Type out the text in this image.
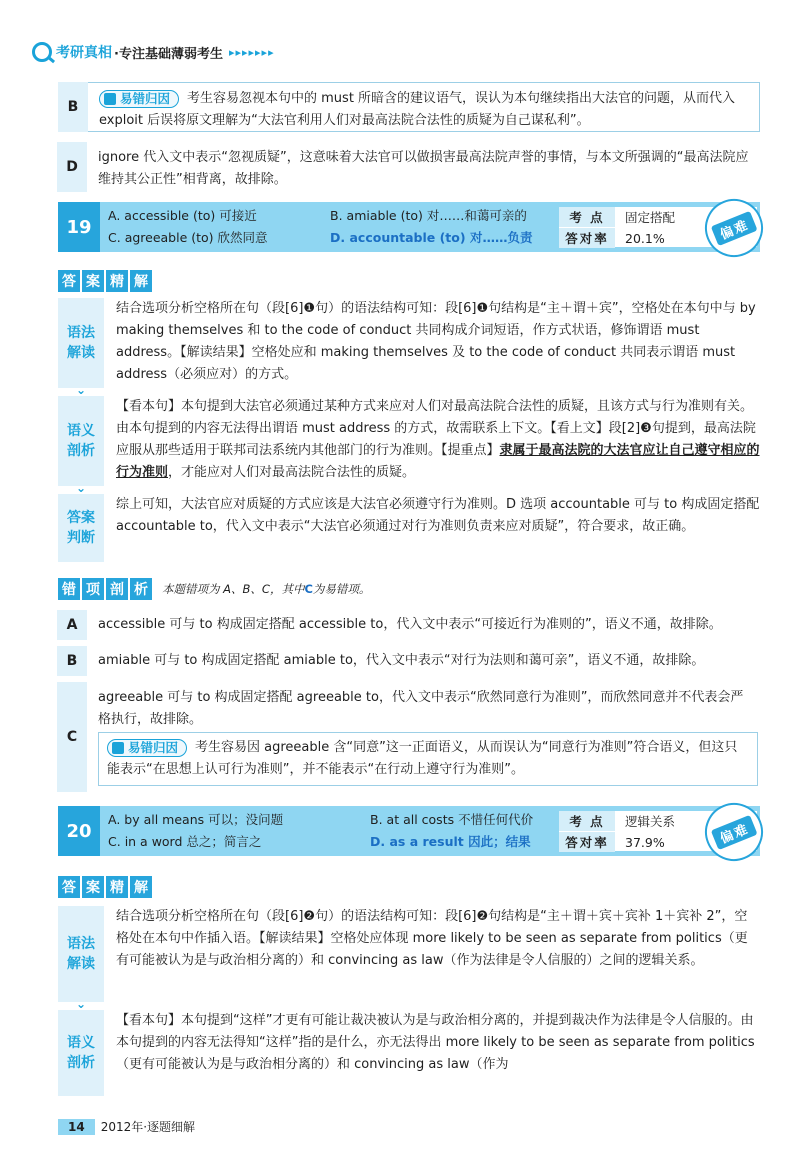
考研真相 ·专注基础薄弱考生 ▸▸▸▸▸▸▸
B
易错归因 考生容易忽视本句中的 must 所暗含的建议语气，误认为本句继续指出大法官的问题，从而代入 exploit 后误将原文理解为“大法官利用人们对最高法院合法性的质疑为自己谋私利”。
D
ignore 代入文中表示“忽视质疑”，这意味着大法官可以做损害最高法院声誉的事情，与本文所强调的“最高法院应维持其公正性”相背离，故排除。
19
A. accessible (to) 可接近	B. amiable (to) 对……和蔼可亲的
C. agreeable (to) 欣然同意	D. accountable (to) 对……负责
考 点	固定搭配
答对率	20.1%	偏难
答 案 精 解
语法
解读
⌄
结合选项分析空格所在句（段[6]❶句）的语法结构可知：段[6]❶句结构是“主＋谓＋宾”，空格处在本句中与 by making themselves 和 to the code of conduct 共同构成介词短语，作方式状语，修饰谓语 must address。【解读结果】空格处应和 making themselves 及 to the code of conduct 共同表示谓语 must address（必须应对）的方式。
语义
剖析
⌄
【看本句】本句提到大法官必须通过某种方式来应对人们对最高法院合法性的质疑，且该方式与行为准则有关。由本句提到的内容无法得出谓语 must address 的方式，故需联系上下文。【看上文】段[2]❸句提到，最高法院应服从那些适用于联邦司法系统内其他部门的行为准则。【提重点】隶属于最高法院的大法官应让自己遵守相应的行为准则，才能应对人们对最高法院合法性的质疑。
答案
判断
综上可知，大法官应对质疑的方式应该是大法官必须遵守行为准则。D 选项 accountable 可与 to 构成固定搭配 accountable to，代入文中表示“大法官必须通过对行为准则负责来应对质疑”，符合要求，故正确。
错 项 剖 析	本题错项为 A、B、C，其中C为易错项。
A	accessible 可与 to 构成固定搭配 accessible to，代入文中表示“可接近行为准则的”，语义不通，故排除。
B	amiable 可与 to 构成固定搭配 amiable to，代入文中表示“对行为法则和蔼可亲”，语义不通，故排除。
C
agreeable 可与 to 构成固定搭配 agreeable to，代入文中表示“欣然同意行为准则”，而欣然同意并不代表会严格执行，故排除。
易错归因 考生容易因 agreeable 含“同意”这一正面语义，从而误认为“同意行为准则”符合语义，但这只能表示“在思想上认可行为准则”，并不能表示“在行动上遵守行为准则”。
20
A. by all means 可以；没问题	B. at all costs 不惜任何代价
C. in a word 总之；简言之	D. as a result 因此；结果
考 点	逻辑关系
答对率	37.9%	偏难
答 案 精 解
语法
解读
⌄
结合选项分析空格所在句（段[6]❷句）的语法结构可知：段[6]❷句结构是“主＋谓＋宾＋宾补 1＋宾补 2”，空格处在本句中作插入语。【解读结果】空格处应体现 more likely to be seen as separate from politics（更有可能被认为是与政治相分离的）和 convincing as law（作为法律是令人信服的）之间的逻辑关系。
语义
剖析
【看本句】本句提到“这样”才更有可能让裁决被认为是与政治相分离的，并提到裁决作为法律是令人信服的。由本句提到的内容无法得知“这样”指的是什么，亦无法得出 more likely to be seen as separate from politics（更有可能被认为是与政治相分离的）和 convincing as law（作为
14	2012年·逐题细解
